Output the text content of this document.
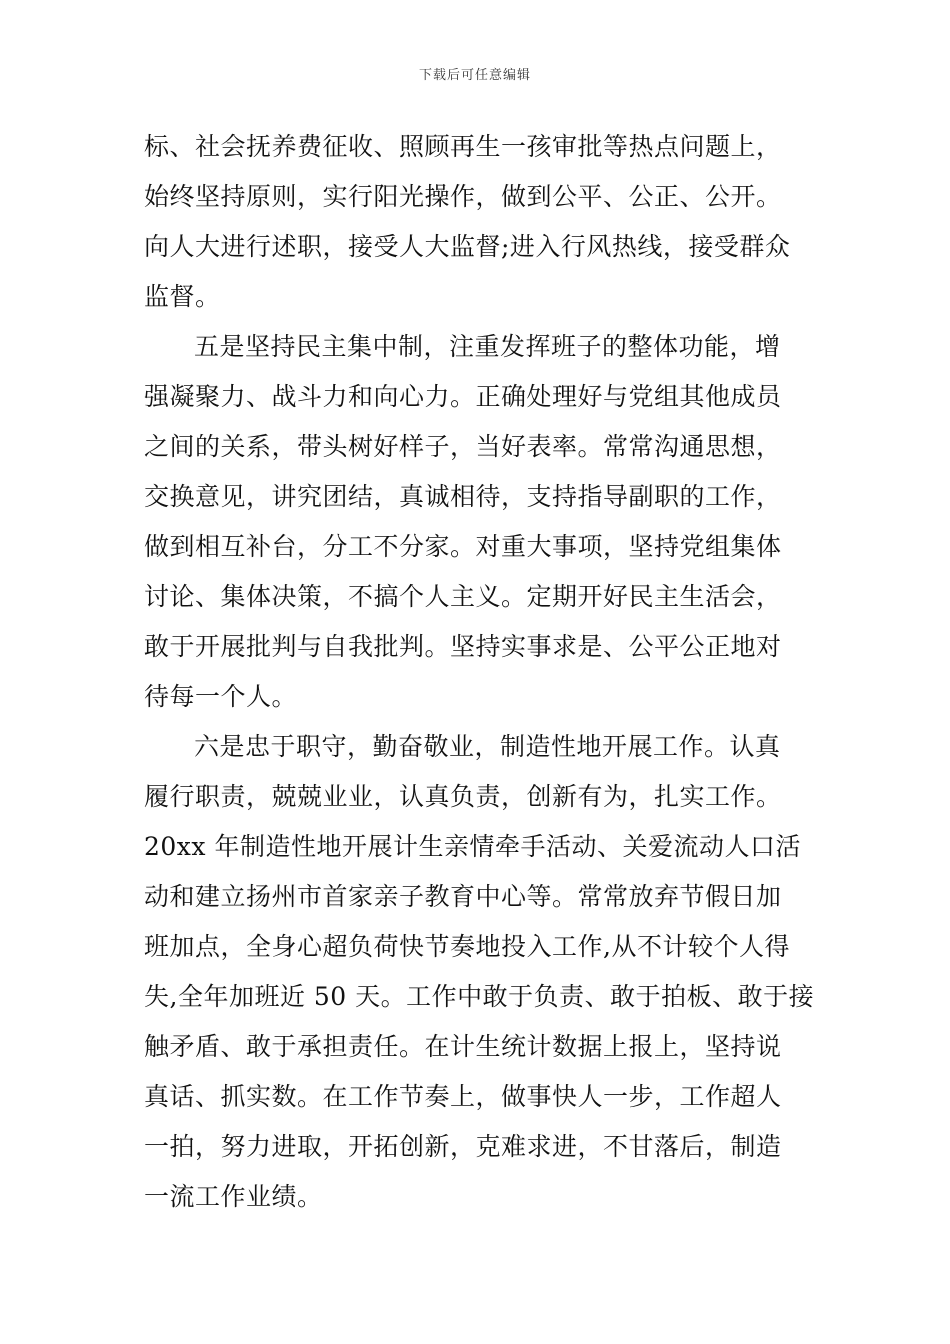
下载后可任意编辑
标、社会抚养费征收、照顾再生一孩审批等热点问题上，
始终坚持原则，实行阳光操作，做到公平、公正、公开。
向人大进行述职，接受人大监督;进入行风热线，接受群众
监督。
五是坚持民主集中制，注重发挥班子的整体功能，增
强凝聚力、战斗力和向心力。正确处理好与党组其他成员
之间的关系，带头树好样子，当好表率。常常沟通思想，
交换意见，讲究团结，真诚相待，支持指导副职的工作，
做到相互补台，分工不分家。对重大事项，坚持党组集体
讨论、集体决策，不搞个人主义。定期开好民主生活会，
敢于开展批判与自我批判。坚持实事求是、公平公正地对
待每一个人。
六是忠于职守，勤奋敬业，制造性地开展工作。认真
履行职责，兢兢业业，认真负责，创新有为，扎实工作。
20xx 年制造性地开展计生亲情牵手活动、关爱流动人口活
动和建立扬州市首家亲子教育中心等。常常放弃节假日加
班加点，全身心超负荷快节奏地投入工作,从不计较个人得
失,全年加班近 50 天。工作中敢于负责、敢于拍板、敢于接
触矛盾、敢于承担责任。在计生统计数据上报上，坚持说
真话、抓实数。在工作节奏上，做事快人一步，工作超人
一拍，努力进取，开拓创新，克难求进，不甘落后，制造
一流工作业绩。
